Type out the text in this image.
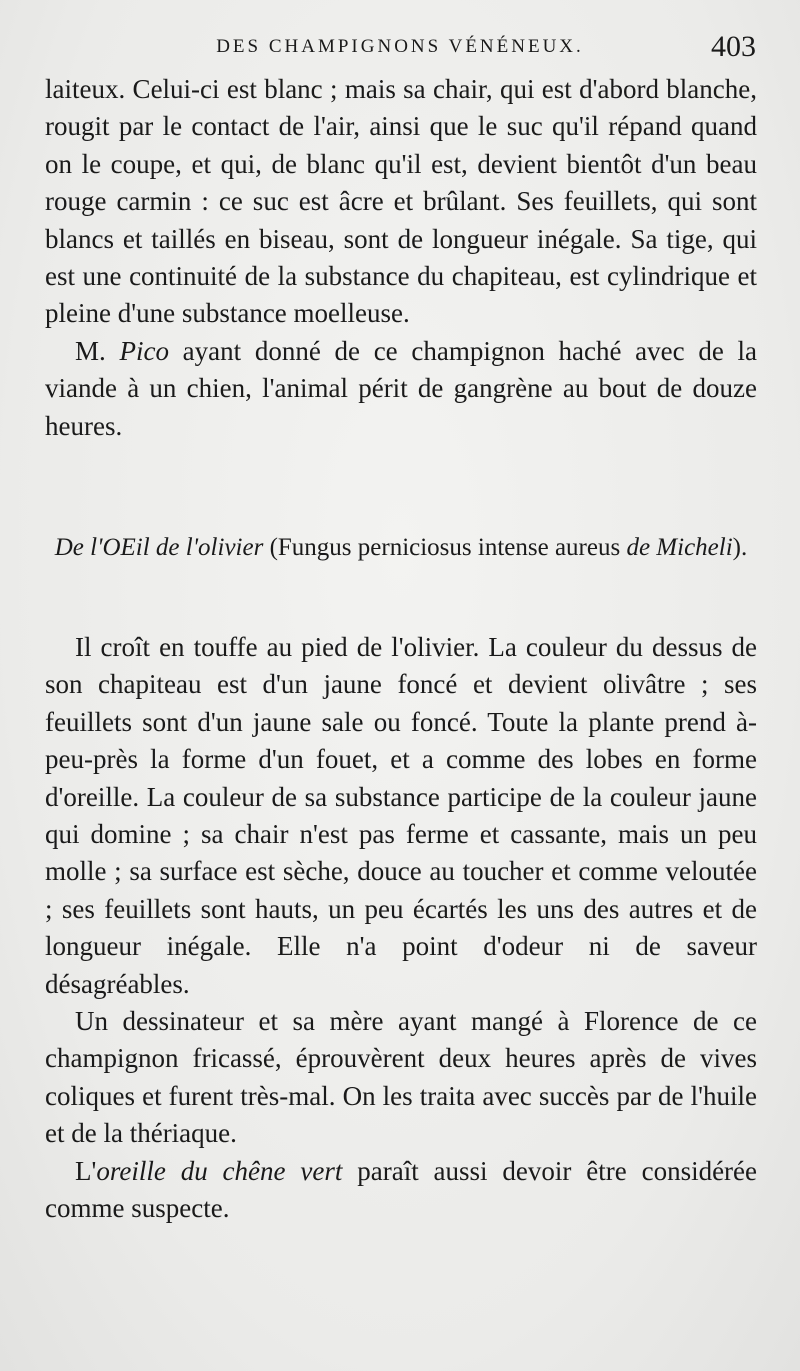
DES CHAMPIGNONS VÉNÉNEUX.	403

laiteux. Celui-ci est blanc ; mais sa chair, qui est d'abord blanche, rougit par le contact de l'air, ainsi que le suc qu'il répand quand on le coupe, et qui, de blanc qu'il est, devient bientôt d'un beau rouge carmin : ce suc est âcre et brûlant. Ses feuillets, qui sont blancs et taillés en biseau, sont de longueur inégale. Sa tige, qui est une continuité de la substance du chapiteau, est cylindrique et pleine d'une substance moelleuse.

M. Pico ayant donné de ce champignon haché avec de la viande à un chien, l'animal périt de gangrène au bout de douze heures.

De l'OEil de l'olivier (Fungus perniciosus intense aureus de Micheli).

Il croît en touffe au pied de l'olivier. La couleur du dessus de son chapiteau est d'un jaune foncé et devient olivâtre ; ses feuillets sont d'un jaune sale ou foncé. Toute la plante prend à-peu-près la forme d'un fouet, et a comme des lobes en forme d'oreille. La couleur de sa substance participe de la couleur jaune qui domine ; sa chair n'est pas ferme et cassante, mais un peu molle ; sa surface est sèche, douce au toucher et comme veloutée ; ses feuillets sont hauts, un peu écartés les uns des autres et de longueur inégale. Elle n'a point d'odeur ni de saveur désagréables.

Un dessinateur et sa mère ayant mangé à Florence de ce champignon fricassé, éprouvèrent deux heures après de vives coliques et furent très-mal. On les traita avec succès par de l'huile et de la thériaque.

L'oreille du chêne vert paraît aussi devoir être considérée comme suspecte.
